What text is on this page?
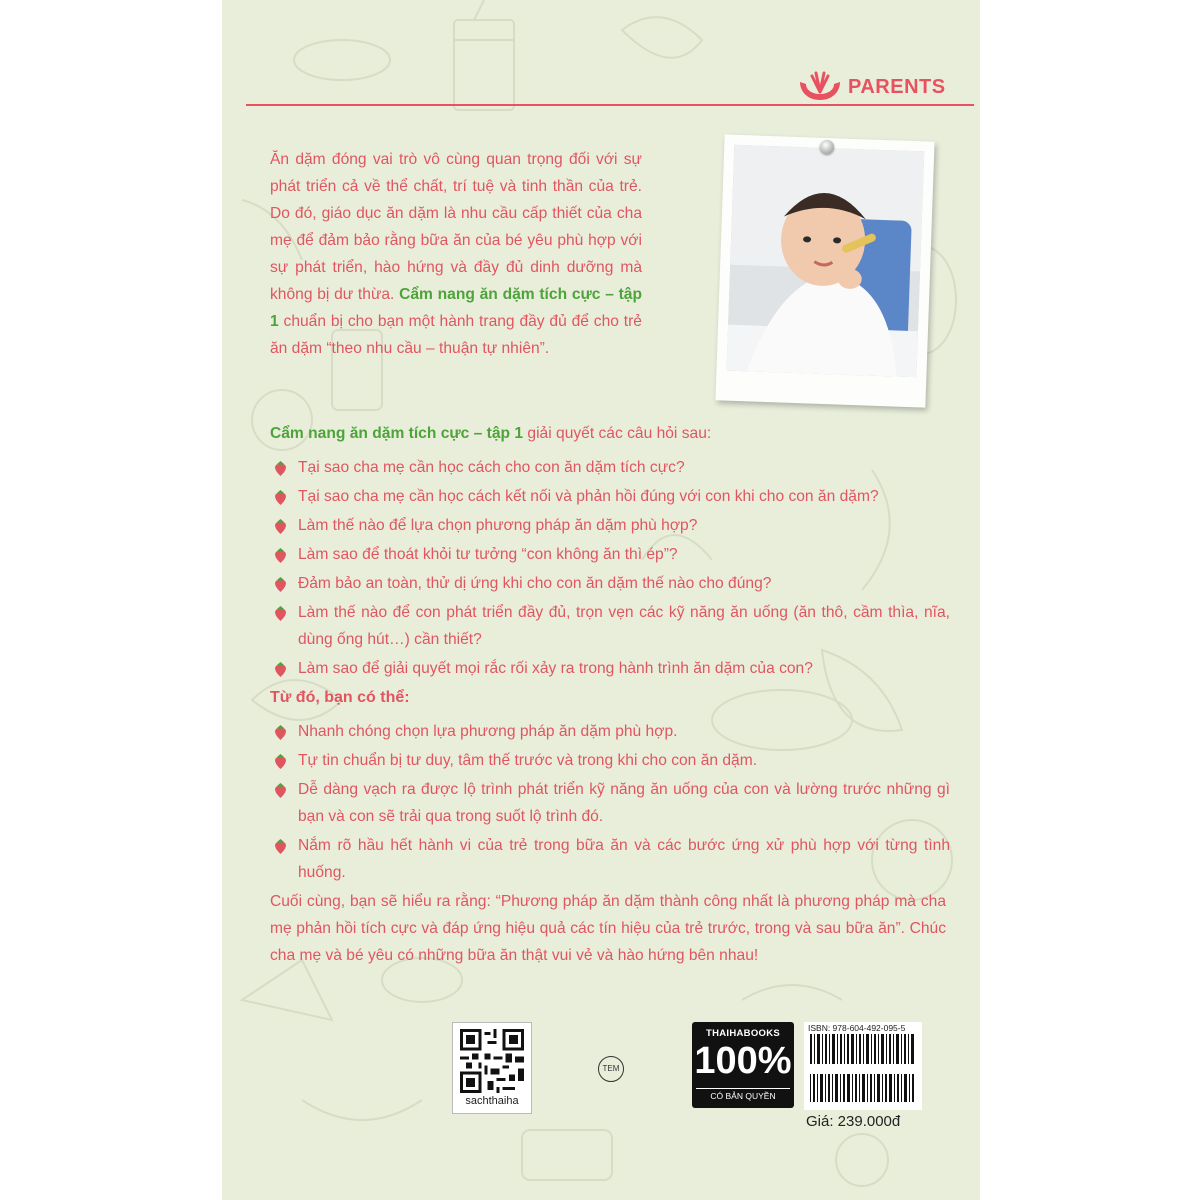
PARENTS

Ăn dặm đóng vai trò vô cùng quan trọng đối với sự phát triển cả về thể chất, trí tuệ và tinh thần của trẻ. Do đó, giáo dục ăn dặm là nhu cầu cấp thiết của cha mẹ để đảm bảo rằng bữa ăn của bé yêu phù hợp với sự phát triển, hào hứng và đầy đủ dinh dưỡng mà không bị dư thừa. Cẩm nang ăn dặm tích cực – tập 1 chuẩn bị cho bạn một hành trang đầy đủ để cho trẻ ăn dặm “theo nhu cầu – thuận tự nhiên”.

Cẩm nang ăn dặm tích cực – tập 1 giải quyết các câu hỏi sau:
Tại sao cha mẹ cần học cách cho con ăn dặm tích cực?
Tại sao cha mẹ cần học cách kết nối và phản hồi đúng với con khi cho con ăn dặm?
Làm thế nào để lựa chọn phương pháp ăn dặm phù hợp?
Làm sao để thoát khỏi tư tưởng “con không ăn thì ép”?
Đảm bảo an toàn, thử dị ứng khi cho con ăn dặm thế nào cho đúng?
Làm thế nào để con phát triển đầy đủ, trọn vẹn các kỹ năng ăn uống (ăn thô, cầm thìa, nĩa, dùng ống hút…) cần thiết?
Làm sao để giải quyết mọi rắc rối xảy ra trong hành trình ăn dặm của con?
Từ đó, bạn có thể:
Nhanh chóng chọn lựa phương pháp ăn dặm phù hợp.
Tự tin chuẩn bị tư duy, tâm thế trước và trong khi cho con ăn dặm.
Dễ dàng vạch ra được lộ trình phát triển kỹ năng ăn uống của con và lường trước những gì bạn và con sẽ trải qua trong suốt lộ trình đó.
Nắm rõ hầu hết hành vi của trẻ trong bữa ăn và các bước ứng xử phù hợp với từng tình huống.

Cuối cùng, bạn sẽ hiểu ra rằng: “Phương pháp ăn dặm thành công nhất là phương pháp mà cha mẹ phản hồi tích cực và đáp ứng hiệu quả các tín hiệu của trẻ trước, trong và sau bữa ăn”. Chúc cha mẹ và bé yêu có những bữa ăn thật vui vẻ và hào hứng bên nhau!

sachthaiha
TEM
THAIHABOOKS
100%
CÓ BẢN QUYỀN
ISBN: 978-604-492-095-5
Giá: 239.000đ
